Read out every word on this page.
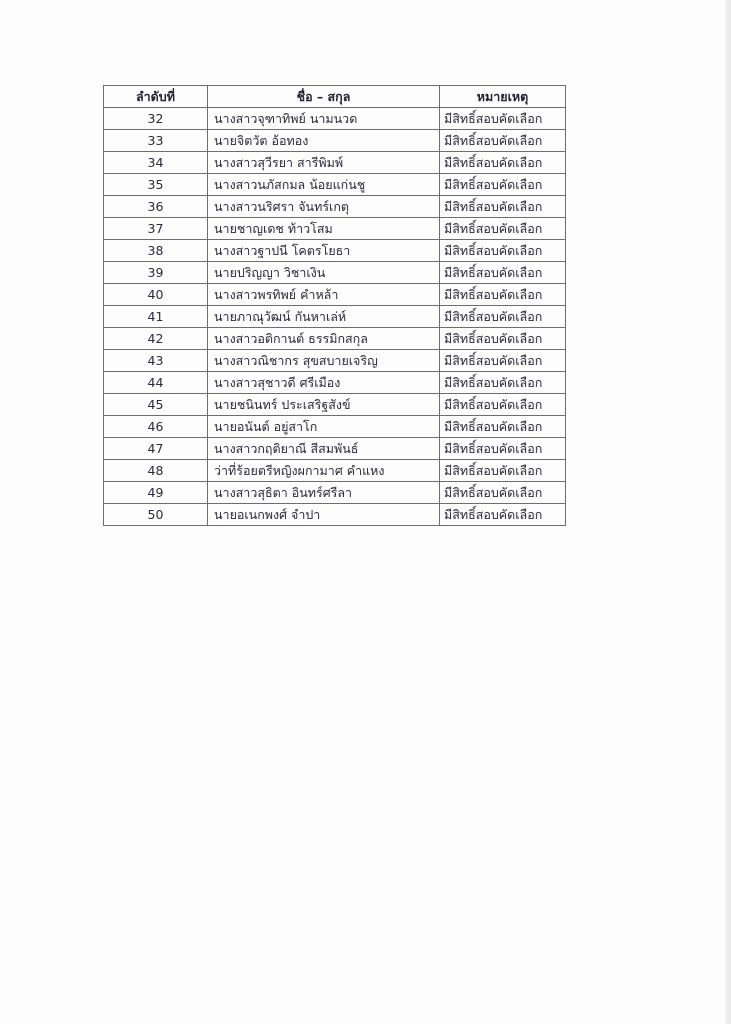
ลำดับที่	ชื่อ – สกุล	หมายเหตุ
32	นางสาวจุฑาทิพย์ นามนวด	มีสิทธิ์สอบคัดเลือก
33	นายจิตวัต อ้อทอง	มีสิทธิ์สอบคัดเลือก
34	นางสาวสุวีรยา สารีพิมพ์	มีสิทธิ์สอบคัดเลือก
35	นางสาวนภัสกมล น้อยแก่นชู	มีสิทธิ์สอบคัดเลือก
36	นางสาวนริศรา จันทร์เกตุ	มีสิทธิ์สอบคัดเลือก
37	นายชาญเดช ท้าวโสม	มีสิทธิ์สอบคัดเลือก
38	นางสาวฐาปนี โคตรโยธา	มีสิทธิ์สอบคัดเลือก
39	นายปริญญา วิชาเงิน	มีสิทธิ์สอบคัดเลือก
40	นางสาวพรทิพย์ คำหล้า	มีสิทธิ์สอบคัดเลือก
41	นายภาณุวัฒน์ กันหาเล่ห์	มีสิทธิ์สอบคัดเลือก
42	นางสาวอติกานต์ ธรรมิกสกุล	มีสิทธิ์สอบคัดเลือก
43	นางสาวณิชากร สุขสบายเจริญ	มีสิทธิ์สอบคัดเลือก
44	นางสาวสุชาวดี ศรีเมือง	มีสิทธิ์สอบคัดเลือก
45	นายชนินทร์ ประเสริฐสังข์	มีสิทธิ์สอบคัดเลือก
46	นายอนันต์ อยู่สาโก	มีสิทธิ์สอบคัดเลือก
47	นางสาวกฤติยาณี สีสมพันธ์	มีสิทธิ์สอบคัดเลือก
48	ว่าที่ร้อยตรีหญิงผกามาศ คำแหง	มีสิทธิ์สอบคัดเลือก
49	นางสาวสุธิตา อินทร์ศรีลา	มีสิทธิ์สอบคัดเลือก
50	นายอเนกพงศ์ จำปา	มีสิทธิ์สอบคัดเลือก
